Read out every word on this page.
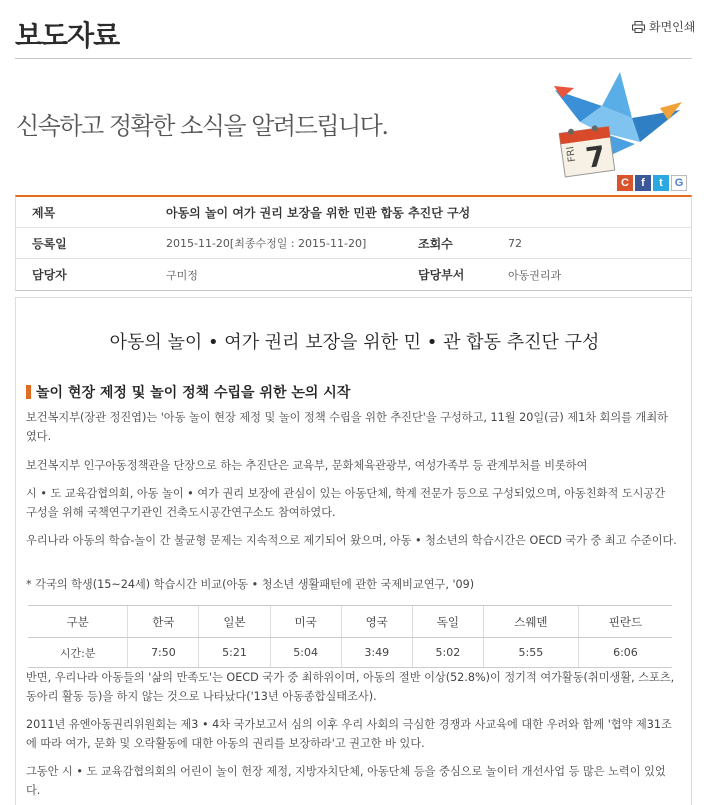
보도자료	화면인쇄
신속하고 정확한 소식을 알려드립니다.
FRI 7
C	f	t	G
제목	아동의 놀이 여가 권리 보장을 위한 민관 합동 추진단 구성
등록일	2015-11-20[최종수정일 : 2015-11-20]	조회수	72
담당자	구미정	담당부서	아동권리과
아동의 놀이 • 여가 권리 보장을 위한 민 • 관 합동 추진단 구성
놀이 현장 제정 및 놀이 정책 수립을 위한 논의 시작
보건복지부(장관 정진엽)는 '아동 놀이 현장 제정 및 놀이 정책 수립을 위한 추진단'을 구성하고, 11월 20일(금) 제1차 회의를 개최하였다.
보건복지부 인구아동정책관을 단장으로 하는 추진단은 교육부, 문화체육관광부, 여성가족부 등 관계부처를 비롯하여
시 • 도 교육감협의회, 아동 놀이 • 여가 권리 보장에 관심이 있는 아동단체, 학계 전문가 등으로 구성되었으며, 아동친화적 도시공간 구성을 위해 국책연구기관인 건축도시공간연구소도 참여하였다.
우리나라 아동의 학습-놀이 간 불균형 문제는 지속적으로 제기되어 왔으며, 아동 • 청소년의 학습시간은 OECD 국가 중 최고 수준이다.
* 각국의 학생(15~24세) 학습시간 비교(아동 • 청소년 생활패턴에 관한 국제비교연구, '09)
구분	한국	일본	미국	영국	독일	스웨덴	핀란드
시간:분	7:50	5:21	5:04	3:49	5:02	5:55	6:06
반면, 우리나라 아동들의 '삶의 만족도'는 OECD 국가 중 최하위이며, 아동의 절반 이상(52.8%)이 정기적 여가활동(취미생활, 스포츠, 동아리 활동 등)을 하지 않는 것으로 나타났다('13년 아동종합실태조사).
2011년 유엔아동권리위원회는 제3 • 4차 국가보고서 심의 이후 우리 사회의 극심한 경쟁과 사교육에 대한 우려와 함께 '협약 제31조에 따라 여가, 문화 및 오락활동에 대한 아동의 권리를 보장하라'고 권고한 바 있다.
그동안 시 • 도 교육감협의회의 어린이 놀이 헌장 제정, 지방자치단체, 아동단체 등을 중심으로 놀이터 개선사업 등 많은 노력이 있었다.
